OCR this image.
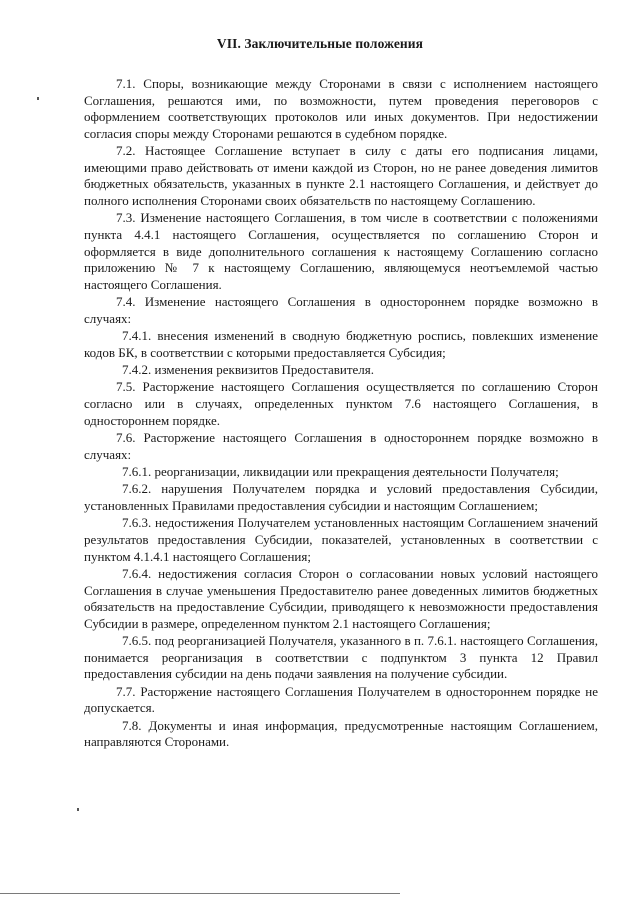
VII. Заключительные положения

7.1. Споры, возникающие между Сторонами в связи с исполнением настоящего Соглашения, решаются ими, по возможности, путем проведения переговоров с оформлением соответствующих протоколов или иных документов. При недостижении согласия споры между Сторонами решаются в судебном порядке.

7.2. Настоящее Соглашение вступает в силу с даты его подписания лицами, имеющими право действовать от имени каждой из Сторон, но не ранее доведения лимитов бюджетных обязательств, указанных в пункте 2.1 настоящего Соглашения, и действует до полного исполнения Сторонами своих обязательств по настоящему Соглашению.

7.3. Изменение настоящего Соглашения, в том числе в соответствии с положениями пункта 4.4.1 настоящего Соглашения, осуществляется по соглашению Сторон и оформляется в виде дополнительного соглашения к настоящему Соглашению согласно приложению № 7 к настоящему Соглашению, являющемуся неотъемлемой частью настоящего Соглашения.

7.4. Изменение настоящего Соглашения в одностороннем порядке возможно в случаях:

7.4.1. внесения изменений в сводную бюджетную роспись, повлекших изменение кодов БК, в соответствии с которыми предоставляется Субсидия;

7.4.2. изменения реквизитов Предоставителя.

7.5. Расторжение настоящего Соглашения осуществляется по соглашению Сторон согласно или в случаях, определенных пунктом 7.6 настоящего Соглашения, в одностороннем порядке.

7.6. Расторжение настоящего Соглашения в одностороннем порядке возможно в случаях:

7.6.1. реорганизации, ликвидации или прекращения деятельности Получателя;

7.6.2. нарушения Получателем порядка и условий предоставления Субсидии, установленных Правилами предоставления субсидии и настоящим Соглашением;

7.6.3. недостижения Получателем установленных настоящим Соглашением значений результатов предоставления Субсидии, показателей, установленных в соответствии с пунктом 4.1.4.1 настоящего Соглашения;

7.6.4. недостижения согласия Сторон о согласовании новых условий настоящего Соглашения в случае уменьшения Предоставителю ранее доведенных лимитов бюджетных обязательств на предоставление Субсидии, приводящего к невозможности предоставления Субсидии в размере, определенном пунктом 2.1 настоящего Соглашения;

7.6.5. под реорганизацией Получателя, указанного в п. 7.6.1. настоящего Соглашения, понимается реорганизация в соответствии с подпунктом 3 пункта 12 Правил предоставления субсидии на день подачи заявления на получение субсидии.

7.7. Расторжение настоящего Соглашения Получателем в одностороннем порядке не допускается.

7.8. Документы и иная информация, предусмотренные настоящим Соглашением, направляются Сторонами.
